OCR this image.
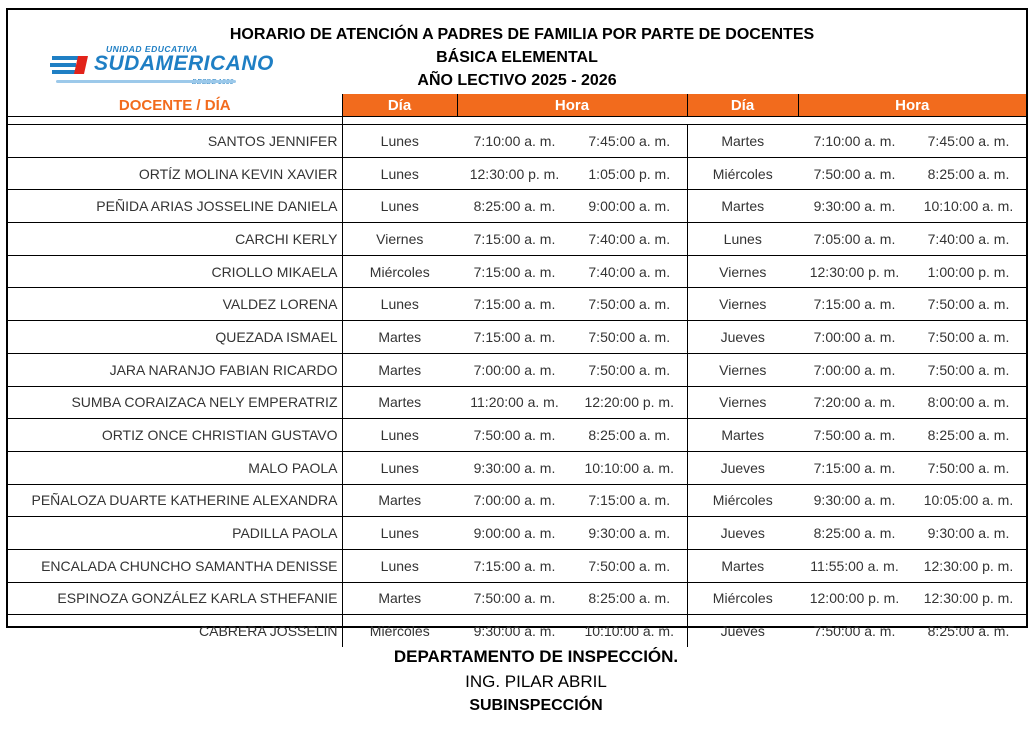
UNIDAD EDUCATIVA
SUDAMERICANO
HORARIO DE ATENCIÓN A PADRES DE FAMILIA POR PARTE DE DOCENTES
BÁSICA ELEMENTAL
AÑO LECTIVO 2025 - 2026
DOCENTE / DÍA	Día	Hora		Día	Hora	

SANTOS JENNIFER	Lunes	7:10:00 a. m.	7:45:00 a. m.	Martes	7:10:00 a. m.	7:45:00 a. m.
ORTÍZ MOLINA KEVIN XAVIER	Lunes	12:30:00 p. m.	1:05:00 p. m.	Miércoles	7:50:00 a. m.	8:25:00 a. m.
PEÑIDA ARIAS JOSSELINE DANIELA	Lunes	8:25:00 a. m.	9:00:00 a. m.	Martes	9:30:00 a. m.	10:10:00 a. m.
CARCHI KERLY	Viernes	7:15:00 a. m.	7:40:00 a. m.	Lunes	7:05:00 a. m.	7:40:00 a. m.
CRIOLLO MIKAELA	Miércoles	7:15:00 a. m.	7:40:00 a. m.	Viernes	12:30:00 p. m.	1:00:00 p. m.
VALDEZ LORENA	Lunes	7:15:00 a. m.	7:50:00 a. m.	Viernes	7:15:00 a. m.	7:50:00 a. m.
QUEZADA ISMAEL	Martes	7:15:00 a. m.	7:50:00 a. m.	Jueves	7:00:00 a. m.	7:50:00 a. m.
JARA NARANJO FABIAN RICARDO	Martes	7:00:00 a. m.	7:50:00 a. m.	Viernes	7:00:00 a. m.	7:50:00 a. m.
SUMBA CORAIZACA NELY EMPERATRIZ	Martes	11:20:00 a. m.	12:20:00 p. m.	Viernes	7:20:00 a. m.	8:00:00 a. m.
ORTIZ ONCE CHRISTIAN GUSTAVO	Lunes	7:50:00 a. m.	8:25:00 a. m.	Martes	7:50:00 a. m.	8:25:00 a. m.
MALO PAOLA	Lunes	9:30:00 a. m.	10:10:00 a. m.	Jueves	7:15:00 a. m.	7:50:00 a. m.
PEÑALOZA DUARTE KATHERINE ALEXANDRA	Martes	7:00:00 a. m.	7:15:00 a. m.	Miércoles	9:30:00 a. m.	10:05:00 a. m.
PADILLA PAOLA	Lunes	9:00:00 a. m.	9:30:00 a. m.	Jueves	8:25:00 a. m.	9:30:00 a. m.
ENCALADA CHUNCHO SAMANTHA DENISSE	Lunes	7:15:00 a. m.	7:50:00 a. m.	Martes	11:55:00 a. m.	12:30:00 p. m.
ESPINOZA GONZÁLEZ KARLA STHEFANIE	Martes	7:50:00 a. m.	8:25:00 a. m.	Miércoles	12:00:00 p. m.	12:30:00 p. m.
CABRERA JOSSELIN	Miércoles	9:30:00 a. m.	10:10:00 a. m.	Jueves	7:50:00 a. m.	8:25:00 a. m.
DEPARTAMENTO DE INSPECCIÓN.
ING. PILAR ABRIL
SUBINSPECCIÓN
